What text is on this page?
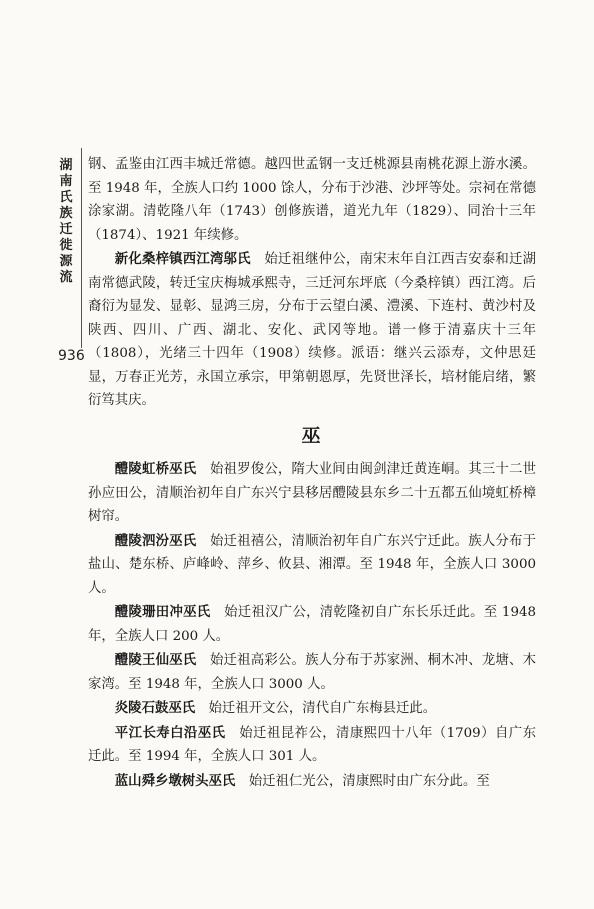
湖南氏族迁徙源流
936

钢、孟鉴由江西丰城迁常德。越四世孟钢一支迁桃源县南桃花源上游水溪。至 1948 年，全族人口约 1000 馀人，分布于沙港、沙坪等处。宗祠在常德涂家湖。清乾隆八年（1743）创修族谱，道光九年（1829）、同治十三年（1874）、1921 年续修。

新化桑梓镇西江湾邬氏　 始迁祖继仲公，南宋末年自江西吉安泰和迁湖南常德武陵，转迁宝庆梅城承熙寺，三迁河东坪底（今桑梓镇）西江湾。后裔衍为显发、显彰、显鸿三房，分布于云望白溪、澧溪、下连村、黄沙村及陕西、四川、广西、湖北、安化、武冈等地。谱一修于清嘉庆十三年（1808），光绪三十四年（1908）续修。派语：继兴云添寿，文仲思廷显，万春正光芳，永国立承宗，甲第朝恩厚，先贤世泽长，培材能启绪，繁衍笃其庆。

巫

醴陵虹桥巫氏　 始祖罗俊公，隋大业间由闽剑津迁黄连峒。其三十二世孙应田公，清顺治初年自广东兴宁县移居醴陵县东乡二十五都五仙境虹桥樟树帘。

醴陵泗汾巫氏　 始迁祖禧公，清顺治初年自广东兴宁迁此。族人分布于盐山、楚东桥、庐峰岭、萍乡、攸县、湘潭。至 1948 年，全族人口 3000 人。

醴陵珊田冲巫氏　 始迁祖汉广公，清乾隆初自广东长乐迁此。至 1948 年，全族人口 200 人。

醴陵王仙巫氏　 始迁祖高彩公。族人分布于苏家洲、桐木冲、龙塘、木家湾。至 1948 年，全族人口 3000 人。

炎陵石鼓巫氏　 始迁祖开文公，清代自广东梅县迁此。

平江长寿白沿巫氏　 始迁祖昆祚公，清康熙四十八年（1709）自广东迁此。至 1994 年，全族人口 301 人。

蓝山舜乡墩树头巫氏　 始迁祖仁光公，清康熙时由广东分此。至
